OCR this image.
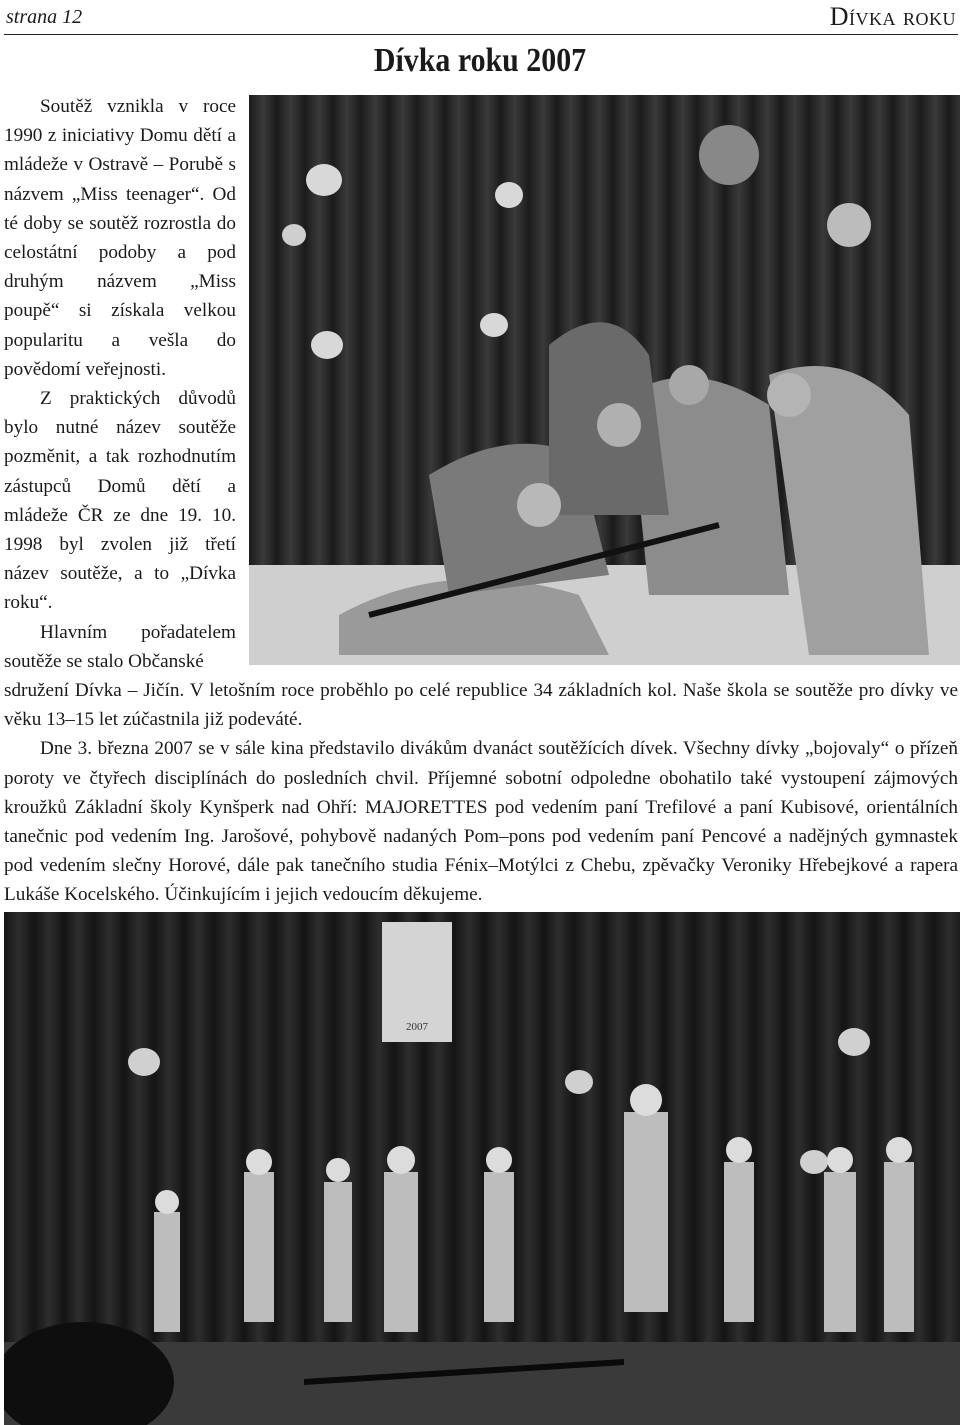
strana 12	Dívka roku
Dívka roku 2007

Soutěž vznikla v roce 1990 z iniciativy Domu dětí a mládeže v Ostravě – Porubě s názvem „Miss teenager“. Od té doby se soutěž rozrostla do celostátní podoby a pod druhým názvem „Miss poupě“ si získala velkou popularitu a vešla do povědomí veřejnosti.

Z praktických důvodů bylo nutné název soutěže pozměnit, a tak rozhodnutím zástupců Domů dětí a mládeže ČR ze dne 19. 10. 1998 byl zvolen již třetí název soutěže, a to „Dívka roku“.

Hlavním pořadatelem soutěže se stalo Občanské

sdružení Dívka – Jičín. V letošním roce proběhlo po celé republice 34 základních kol. Naše škola se soutěže pro dívky ve věku 13–15 let zúčastnila již podeváté.

Dne 3. března 2007 se v sále kina představilo divákům dvanáct soutěžících dívek. Všechny dívky „bojovaly“ o přízeň poroty ve čtyřech disciplínách do posledních chvil. Příjemné sobotní odpoledne obohatilo také vystoupení zájmových kroužků Základní školy Kynšperk nad Ohří: MAJORETTES pod vedením paní Trefilové a paní Kubisové, orientálních tanečnic pod vedením Ing. Jarošové, pohybově nadaných Pom–pons pod vedením paní Pencové a nadějných gymnastek pod vedením slečny Horové, dále pak tanečního studia Fénix–Motýlci z Chebu, zpěvačky Veroniky Hřebejkové a rapera Lukáše Kocelského. Účinkujícím i jejich vedoucím děkujeme.

2007
